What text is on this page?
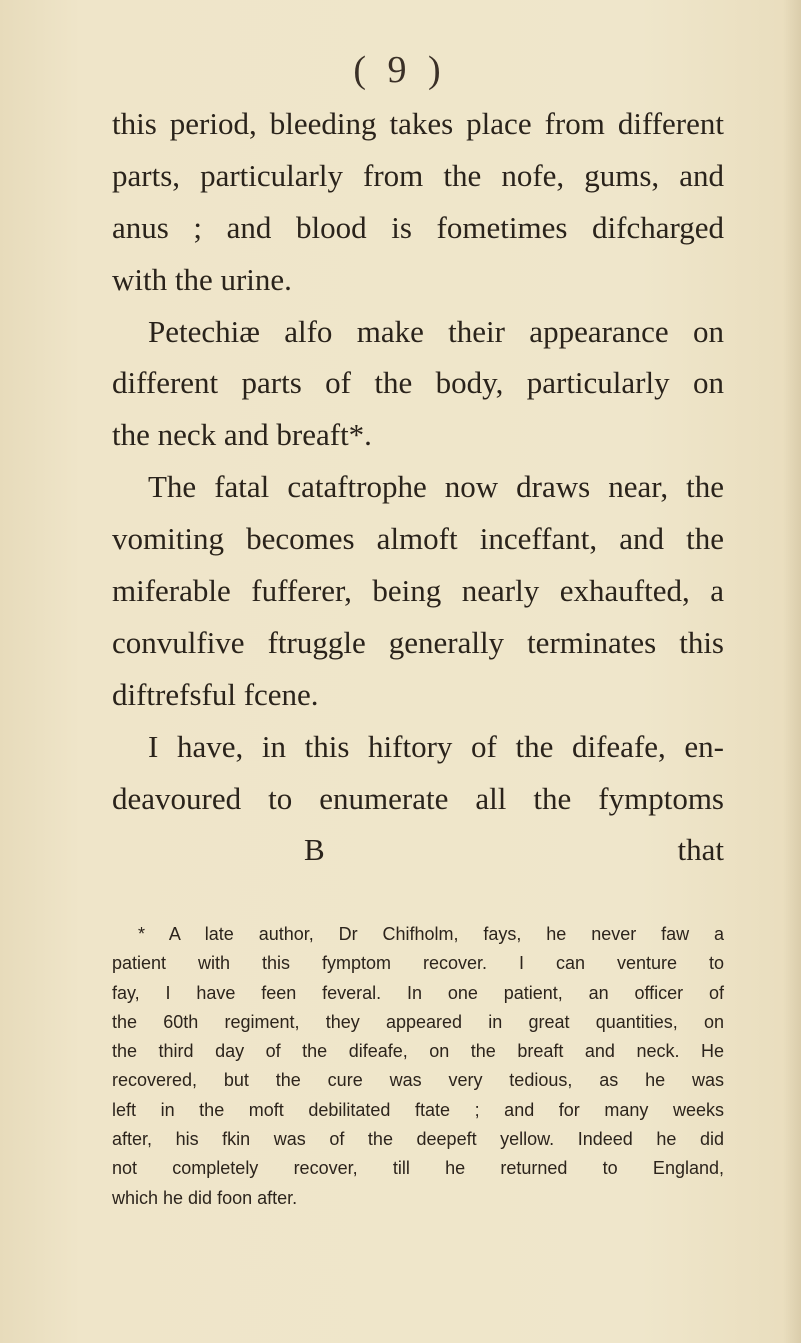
( 9 )
this period, bleeding takes place from different
parts, particularly from the nofe, gums, and
anus ; and blood is fometimes difcharged
with the urine.
Petechiæ alfo make their appearance on
different parts of the body, particularly on
the neck and breaft*.
The fatal cataftrophe now draws near, the
vomiting becomes almoft inceffant, and the
miferable fufferer, being nearly exhaufted, a
convulfive ftruggle generally terminates this
diftrefsful fcene.
I have, in this hiftory of the difeafe, en-
deavoured to enumerate all the fymptoms
B	that
* A late author, Dr Chifholm, fays, he never faw a
patient with this fymptom recover. I can venture to
fay, I have feen feveral. In one patient, an officer of
the 60th regiment, they appeared in great quantities, on
the third day of the difeafe, on the breaft and neck. He
recovered, but the cure was very tedious, as he was
left in the moft debilitated ftate ; and for many weeks
after, his fkin was of the deepeft yellow. Indeed he did
not completely recover, till he returned to England,
which he did foon after.
